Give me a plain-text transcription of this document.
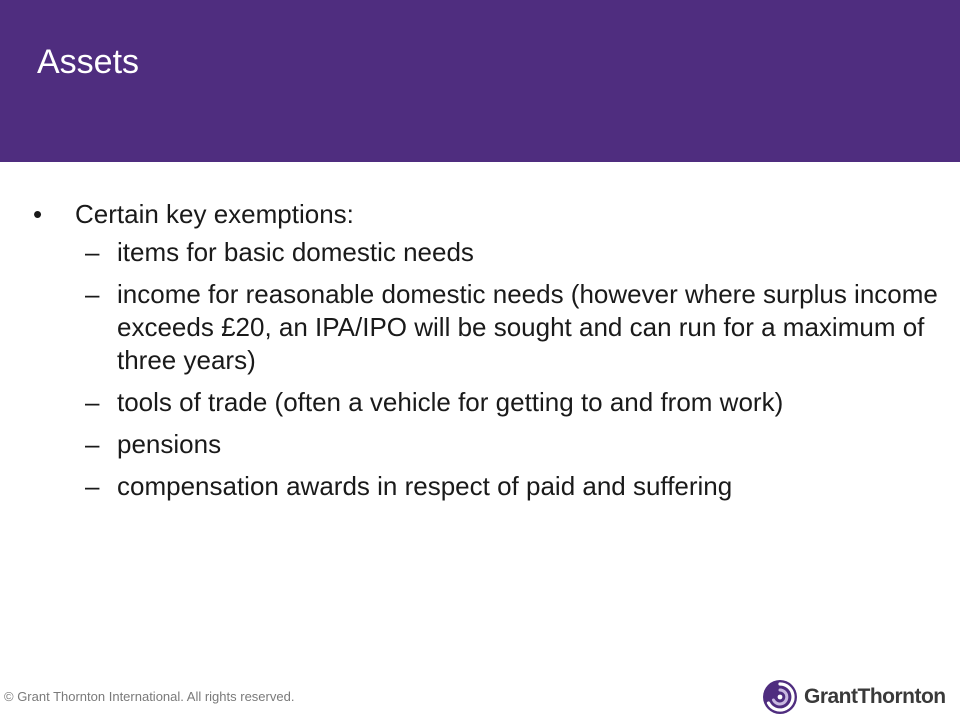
Assets
• Certain key exemptions:
– items for basic domestic needs
– income for reasonable domestic needs (however where surplus income exceeds £20, an IPA/IPO will be sought and can run for a maximum of three years)
– tools of trade (often a vehicle for getting to and from work)
– pensions
– compensation awards in respect of paid and suffering
© Grant Thornton International. All rights reserved.	GrantThornton
